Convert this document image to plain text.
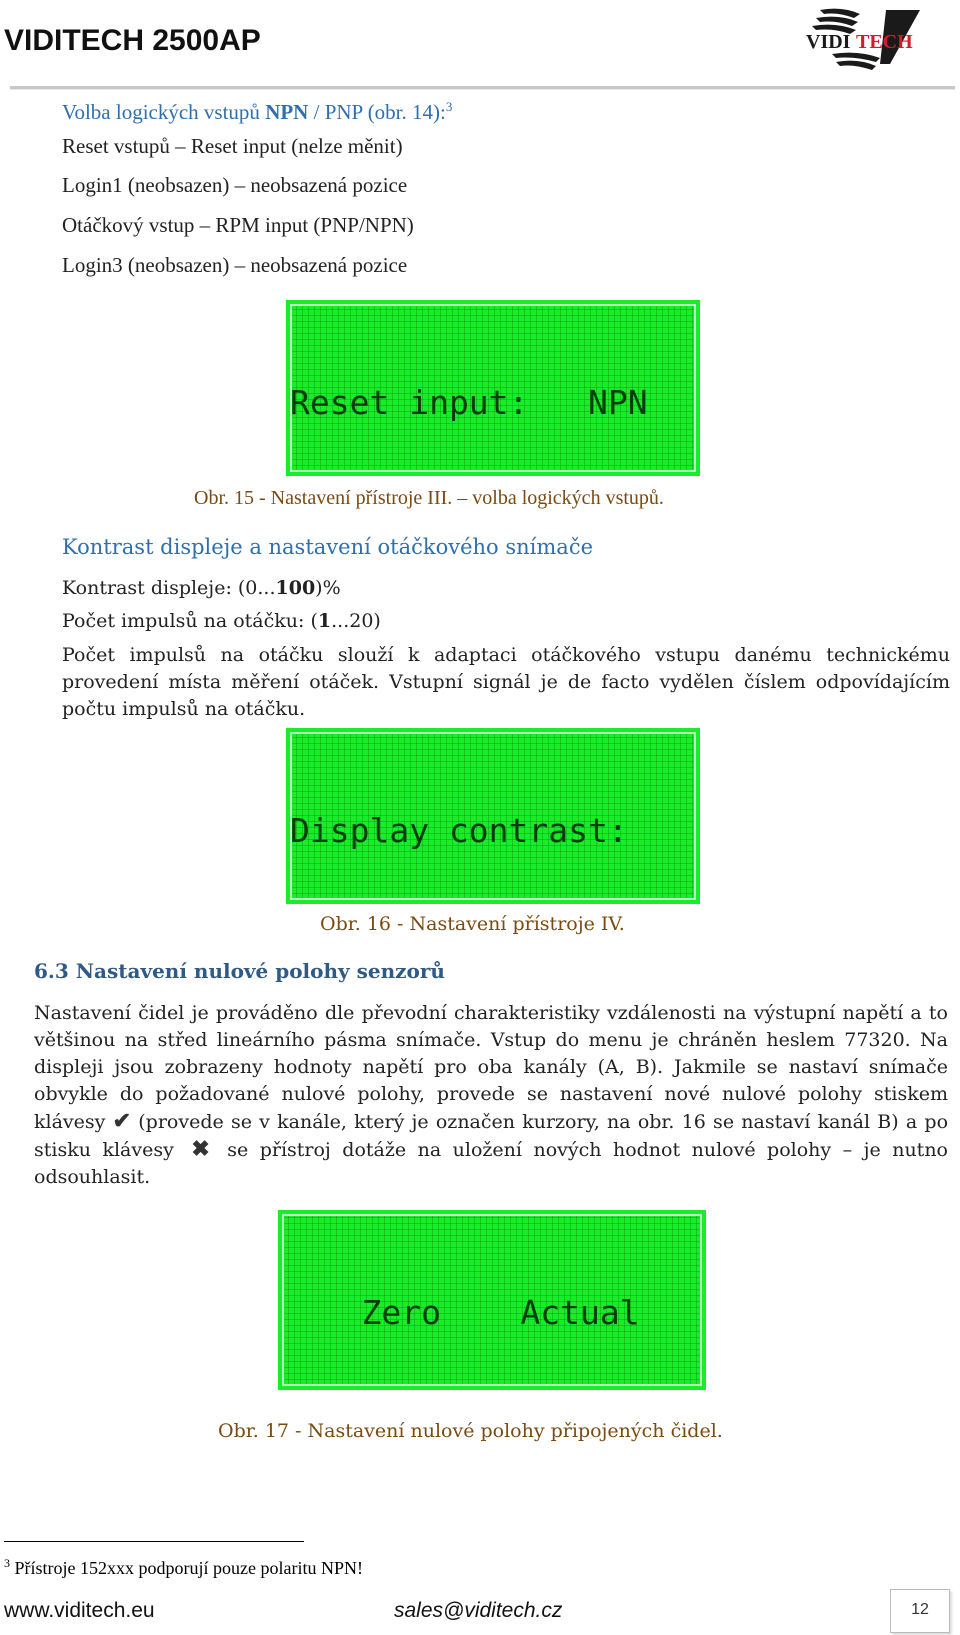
VIDITECH 2500AP	VIDI TECH
Volba logických vstupů NPN / PNP (obr. 14):$^3$
Reset vstupů – Reset input (nelze měnit)
Login1 (neobsazen) – neobsazená pozice
Otáčkový vstup – RPM input (PNP/NPN)
Login3 (neobsazen) – neobsazená pozice

Reset input:   NPN

Obr. 15 - Nastavení přístroje III. – volba logických vstupů.
Kontrast displeje a nastavení otáčkového snímače
Kontrast displeje: (0...100)%
Počet impulsů na otáčku: (1...20)
Počet impulsů na otáčku slouží k adaptaci otáčkového vstupu danému technickému provedení místa měření otáček. Vstupní signál je de facto vydělen číslem odpovídajícím počtu impulsů na otáčku.

Display contrast:

Obr. 16 - Nastavení přístroje IV.
6.3 Nastavení nulové polohy senzorů
Nastavení čidel je prováděno dle převodní charakteristiky vzdálenosti na výstupní napětí a to většinou na střed lineárního pásma snímače. Vstup do menu je chráněn heslem 77320. Na displeji jsou zobrazeny hodnoty napětí pro oba kanály (A, B). Jakmile se nastaví snímače obvykle do požadované nulové polohy, provede se nastavení nové nulové polohy stiskem klávesy ✔ (provede se v kanále, který je označen kurzory, na obr. 16 se nastaví kanál B) a po stisku klávesy ✖ se přístroj dotáže na uložení nových hodnot nulové polohy – je nutno odsouhlasit.

Zero    Actual

Obr. 17 - Nastavení nulové polohy připojených čidel.
$^3$ Přístroje 152xxx podporují pouze polaritu NPN!
www.viditech.eu	sales@viditech.cz	12
